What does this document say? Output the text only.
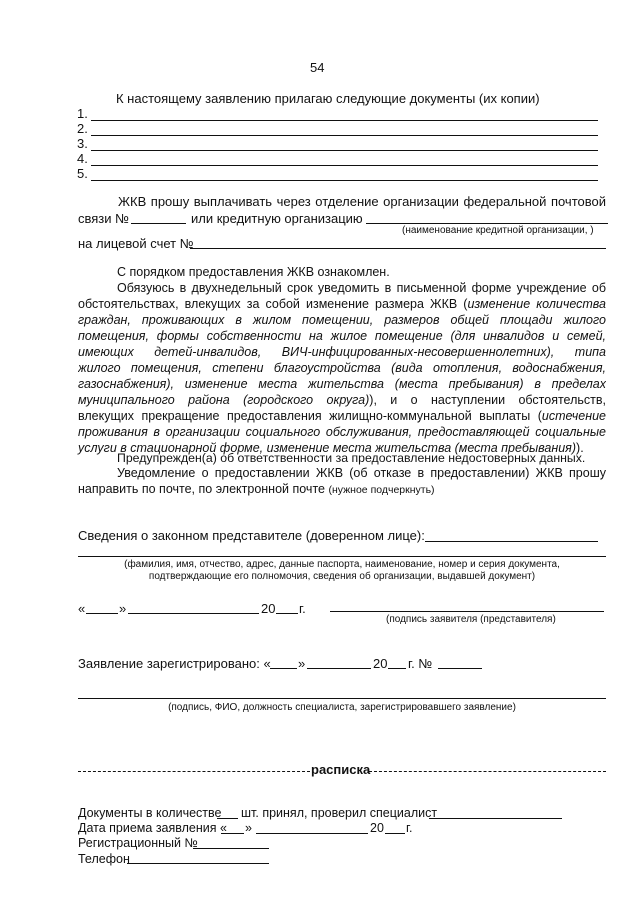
54
К настоящему заявлению прилагаю следующие документы (их копии)
1.
2.
3.
4.
5.
ЖКВ прошу выплачивать через отделение организации федеральной почтовой
связи №	или кредитную организацию
(наименование кредитной организации, )
на лицевой счет №
С порядком предоставления ЖКВ ознакомлен.
Обязуюсь в двухнедельный срок уведомить в письменной форме учреждение об
обстоятельствах, влекущих за собой изменение размера ЖКВ (изменение количества
граждан, проживающих в жилом помещении, размеров общей площади жилого
помещения, формы собственности на жилое помещение (для инвалидов и семей,
имеющих детей-инвалидов, ВИЧ-инфицированных-несовершеннолетних), типа
жилого помещения, степени благоустройства (вида отопления, водоснабжения,
газоснабжения), изменение места жительства (места пребывания) в пределах
муниципального района (городского округа)), и о наступлении обстоятельств,
влекущих прекращение предоставления жилищно-коммунальной выплаты (истечение
проживания в организации социального обслуживания, предоставляющей социальные
услуги в стационарной форме, изменение места жительства (места пребывания)).
Предупрежден(а) об ответственности за предоставление недостоверных данных.
Уведомление о предоставлении ЖКВ (об отказе в предоставлении) ЖКВ прошу
направить по почте, по электронной почте (нужное подчеркнуть)
Сведения о законном представителе (доверенном лице):
(фамилия, имя, отчество, адрес, данные паспорта, наименование, номер и серия документа,
подтверждающие его полномочия, сведения об организации, выдавшей документ)
«	»	20 г.
(подпись заявителя (представителя)
Заявление зарегистрировано: « »	20 г. №
(подпись, ФИО, должность специалиста, зарегистрировавшего заявление)
расписка
Документы в количестве шт. принял, проверил специалист
Дата приема заявления « »	20 г.
Регистрационный №
Телефон
